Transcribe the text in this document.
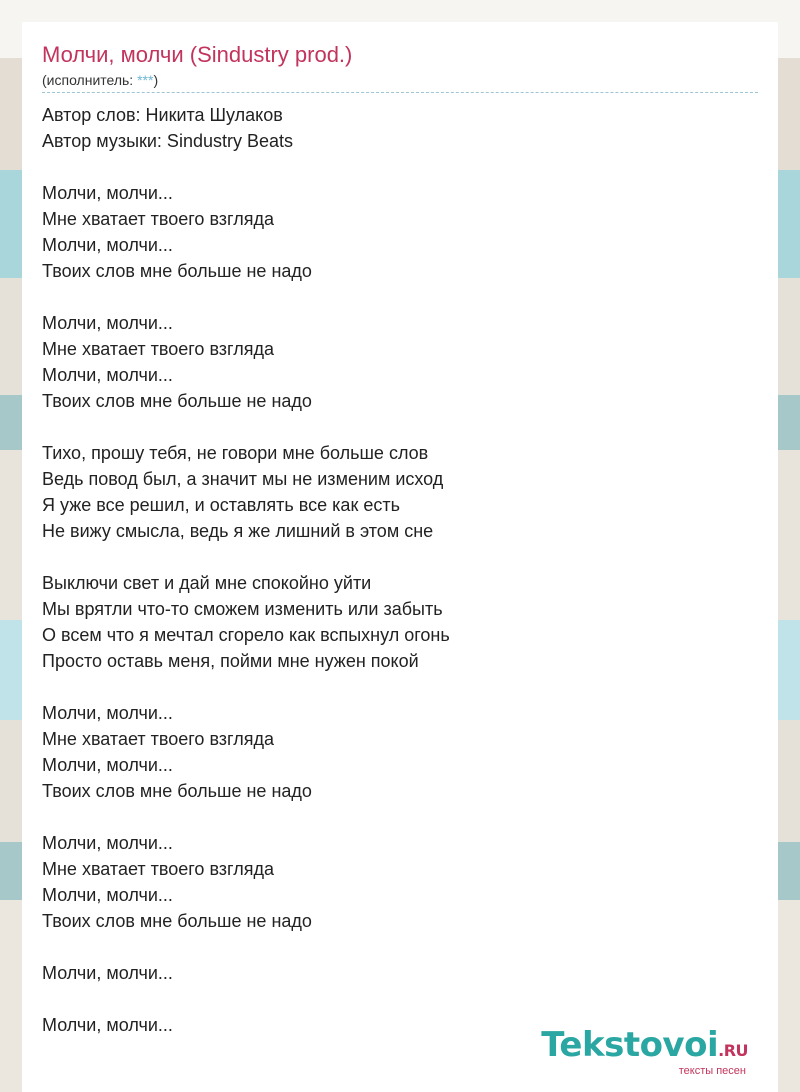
Молчи, молчи (Sindustry prod.)
(исполнитель: ***)
Автор слов: Никита Шулаков
Автор музыки: Sindustry Beats
Молчи, молчи...
Мне хватает твоего взгляда
Молчи, молчи...
Твоих слов мне больше не надо
Молчи, молчи...
Мне хватает твоего взгляда
Молчи, молчи...
Твоих слов мне больше не надо
Тихо, прошу тебя, не говори мне больше слов
Ведь повод был, а значит мы не изменим исход
Я уже все решил, и оставлять все как есть
Не вижу смысла, ведь я же лишний в этом сне
Выключи свет и дай мне спокойно уйти
Мы врятли что-то сможем изменить или забыть
О всем что я мечтал сгорело как вспыхнул огонь
Просто оставь меня, пойми мне нужен покой
Молчи, молчи...
Мне хватает твоего взгляда
Молчи, молчи...
Твоих слов мне больше не надо
Молчи, молчи...
Мне хватает твоего взгляда
Молчи, молчи...
Твоих слов мне больше не надо
Молчи, молчи...
Молчи, молчи...	Tekstovoi.RU
тексты песен
